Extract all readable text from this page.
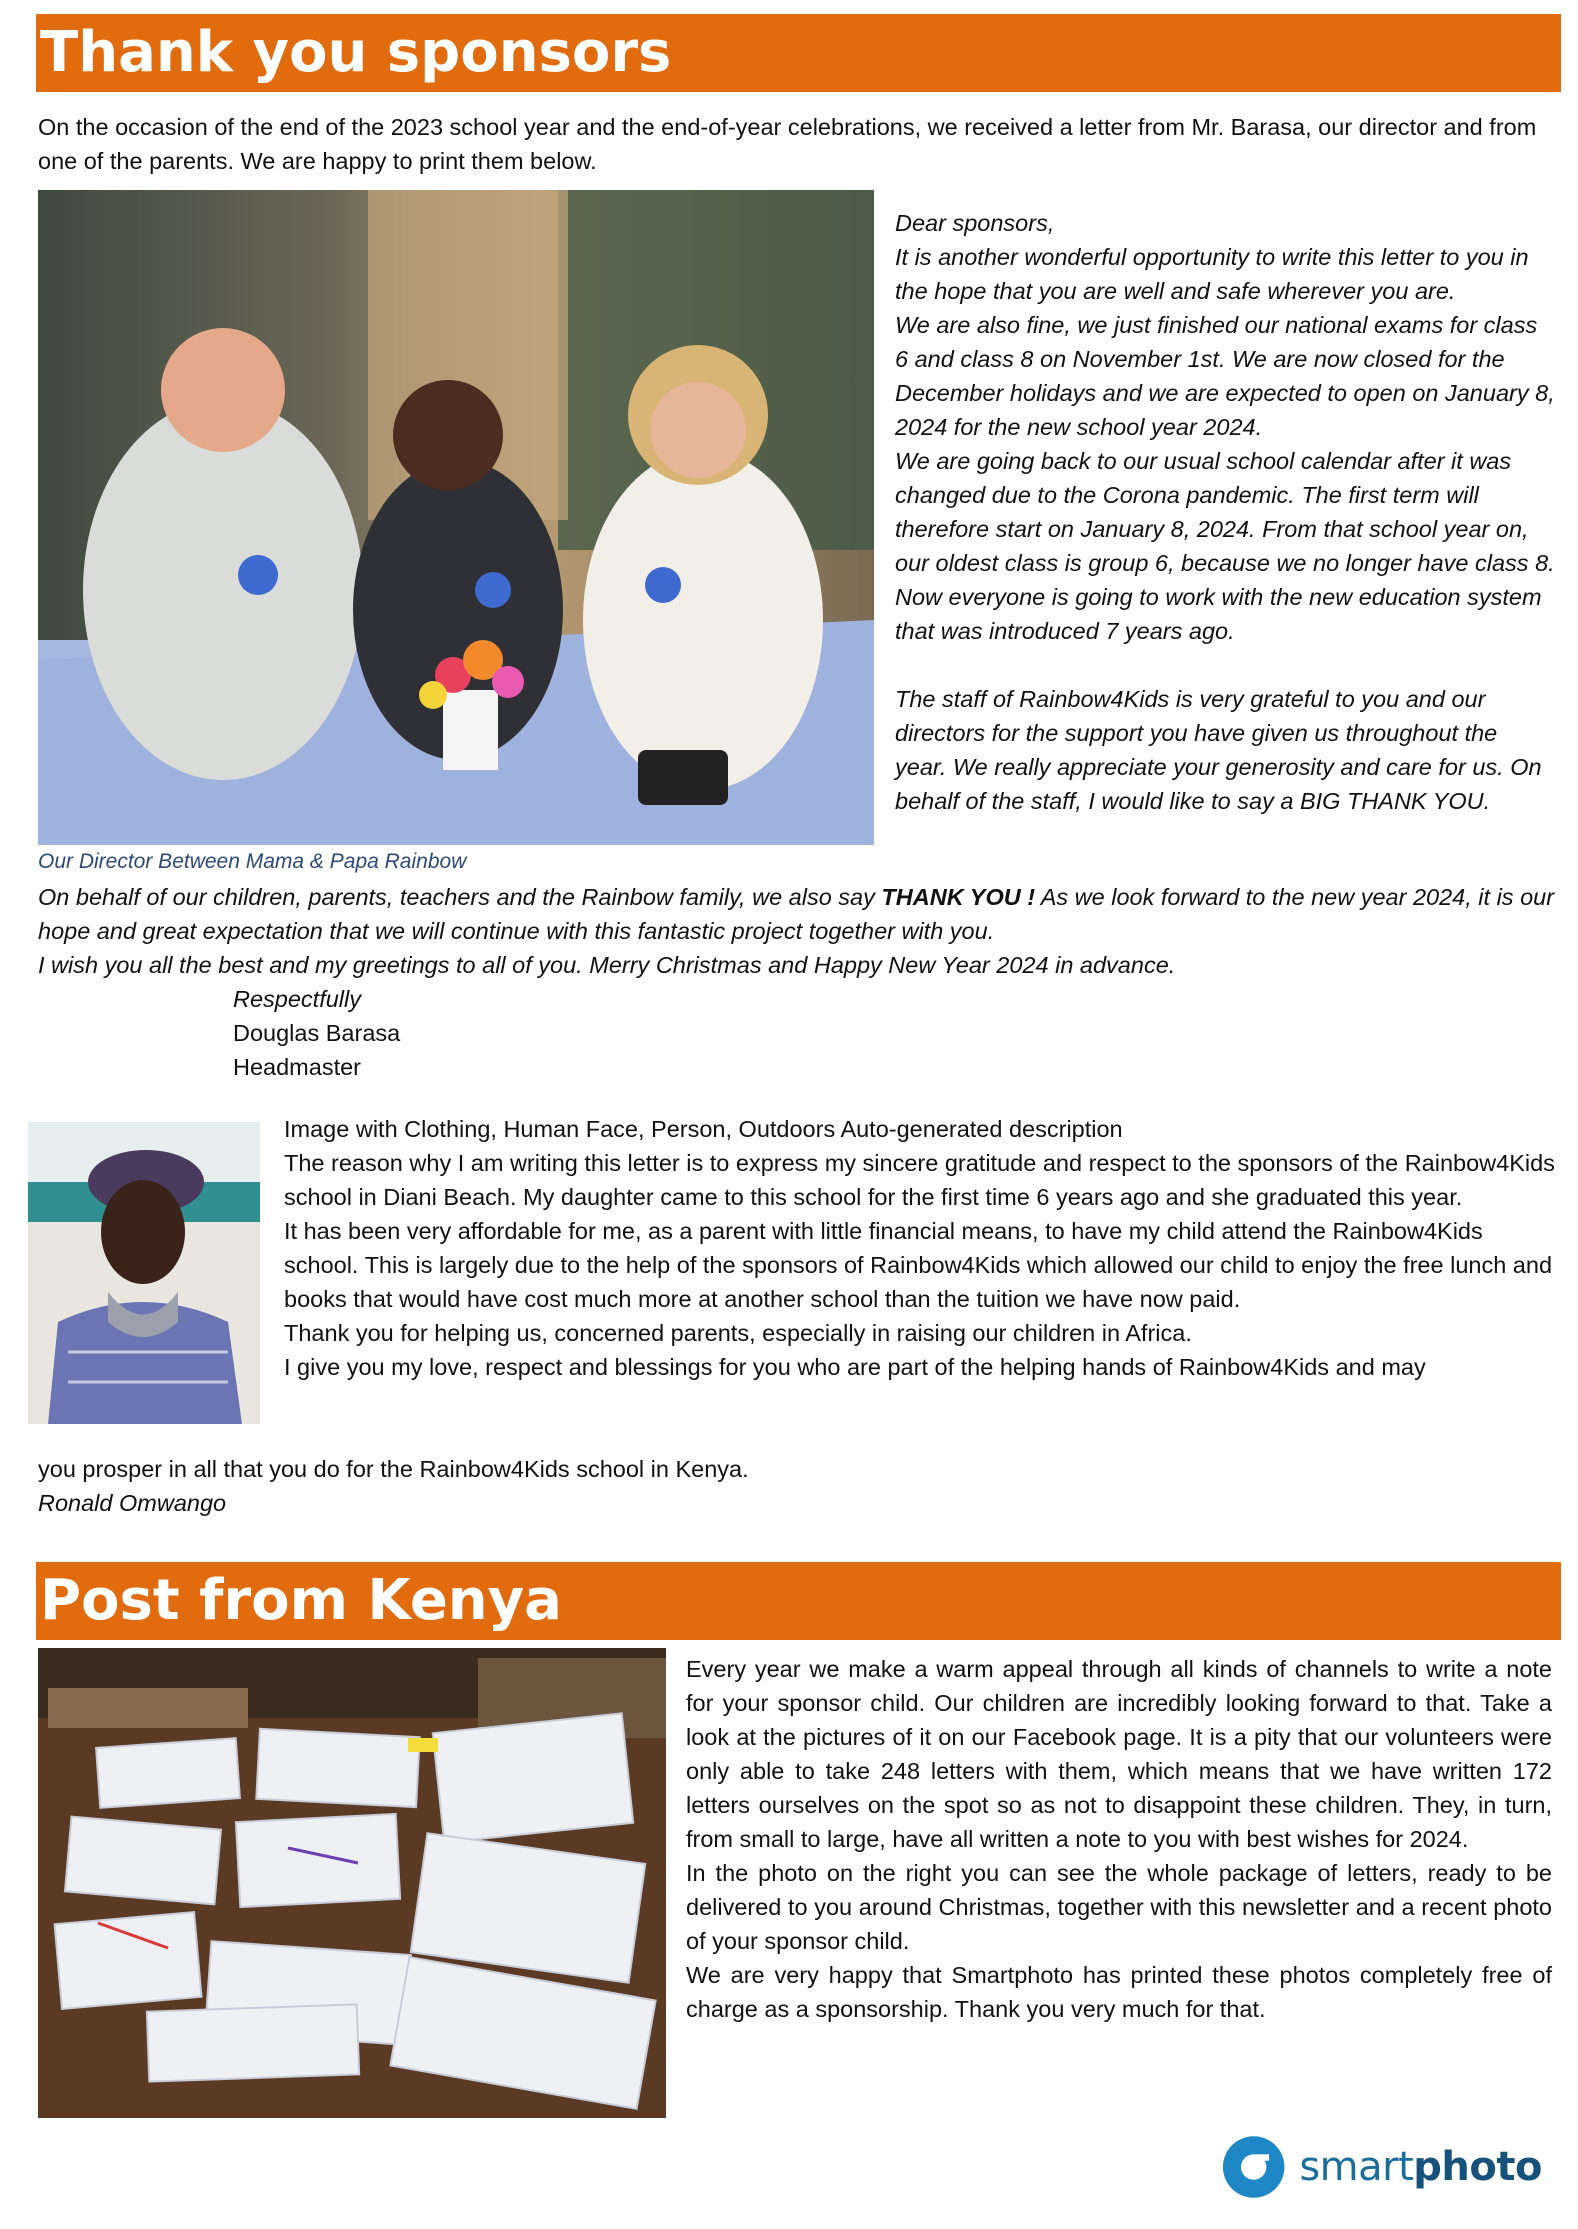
Thank you sponsors
On the occasion of the end of the 2023 school year and the end-of-year celebrations, we received a letter from Mr. Barasa, our director and from one of the parents. We are happy to print them below.
Our Director Between Mama & Papa Rainbow

Dear sponsors,

It is another wonderful opportunity to write this letter to you in the hope that you are well and safe wherever you are.

We are also fine, we just finished our national exams for class 6 and class 8 on November 1st. We are now closed for the December holidays and we are expected to open on January 8, 2024 for the new school year 2024.

We are going back to our usual school calendar after it was changed due to the Corona pandemic. The first term will therefore start on January 8, 2024. From that school year on, our oldest class is group 6, because we no longer have class 8. Now everyone is going to work with the new education system that was introduced 7 years ago.

The staff of Rainbow4Kids is very grateful to you and our directors for the support you have given us throughout the year. We really appreciate your generosity and care for us. On behalf of the staff, I would like to say a BIG THANK YOU.

On behalf of our children, parents, teachers and the Rainbow family, we also say THANK YOU ! As we look forward to the new year 2024, it is our hope and great expectation that we will continue with this fantastic project together with you.

I wish you all the best and my greetings to all of you. Merry Christmas and Happy New Year 2024 in advance.

Respectfully

Douglas Barasa
Headmaster

Image with Clothing, Human Face, Person, Outdoors Auto-generated description

The reason why I am writing this letter is to express my sincere gratitude and respect to the sponsors of the Rainbow4Kids school in Diani Beach. My daughter came to this school for the first time 6 years ago and she graduated this year.

It has been very affordable for me, as a parent with little financial means, to have my child attend the Rainbow4Kids school. This is largely due to the help of the sponsors of Rainbow4Kids which allowed our child to enjoy the free lunch and books that would have cost much more at another school than the tuition we have now paid.

Thank you for helping us, concerned parents, especially in raising our children in Africa.

I give you my love, respect and blessings for you who are part of the helping hands of Rainbow4Kids and may

you prosper in all that you do for the Rainbow4Kids school in Kenya.
Ronald Omwango
Post from Kenya
Every year we make a warm appeal through all kinds of channels to write a note for your sponsor child. Our children are incredibly looking forward to that. Take a look at the pictures of it on our Facebook page. It is a pity that our volunteers were only able to take 248 letters with them, which means that we have written 172 letters ourselves on the spot so as not to disappoint these children. They, in turn, from small to large, have all written a note to you with best wishes for 2024.
In the photo on the right you can see the whole package of letters, ready to be delivered to you around Christmas, together with this newsletter and a recent photo of your sponsor child.
We are very happy that Smartphoto has printed these photos completely free of charge as a sponsorship. Thank you very much for that.
smartphoto
